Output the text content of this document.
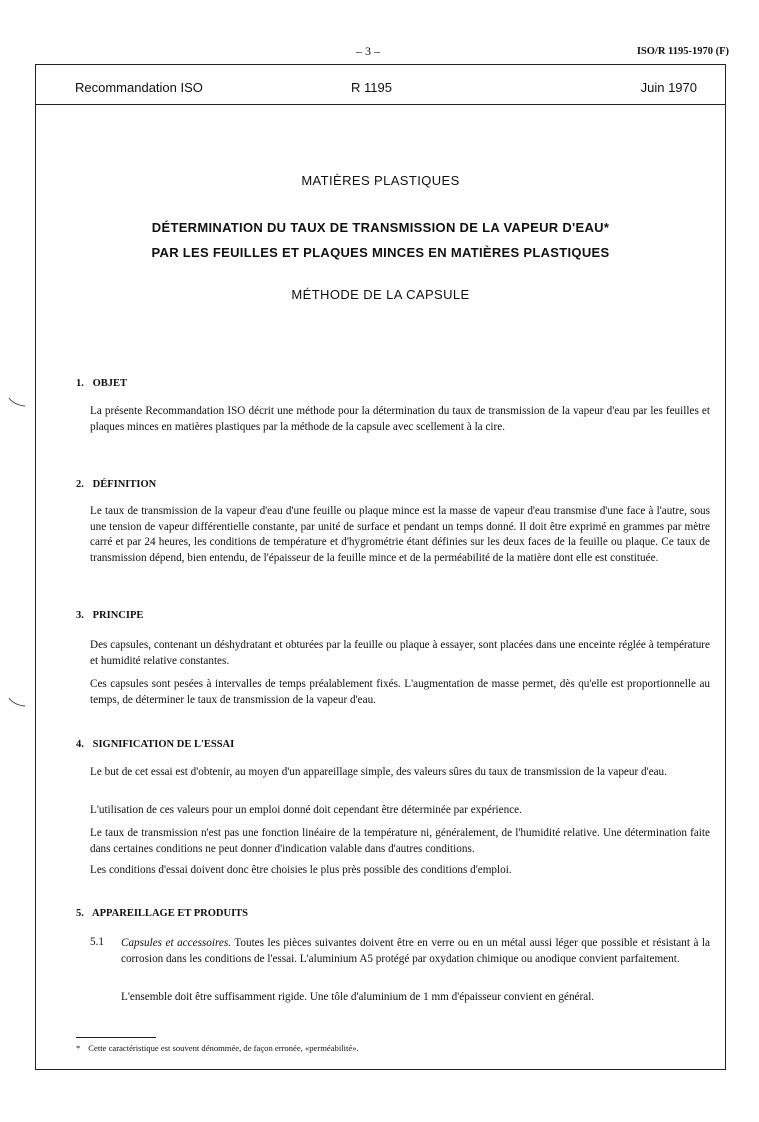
– 3 –	ISO/R 1195-1970 (F)
Recommandation ISO	R 1195	Juin 1970
MATIÈRES PLASTIQUES
DÉTERMINATION DU TAUX DE TRANSMISSION DE LA VAPEUR D'EAU*
PAR LES FEUILLES ET PLAQUES MINCES EN MATIÈRES PLASTIQUES
MÉTHODE DE LA CAPSULE
1. OBJET
La présente Recommandation ISO décrit une méthode pour la détermination du taux de transmission de la vapeur d'eau par les feuilles et plaques minces en matières plastiques par la méthode de la capsule avec scellement à la cire.
2. DÉFINITION
Le taux de transmission de la vapeur d'eau d'une feuille ou plaque mince est la masse de vapeur d'eau transmise d'une face à l'autre, sous une tension de vapeur différentielle constante, par unité de surface et pendant un temps donné. Il doit être exprimé en grammes par mètre carré et par 24 heures, les conditions de température et d'hygrométrie étant définies sur les deux faces de la feuille ou plaque. Ce taux de transmission dépend, bien entendu, de l'épaisseur de la feuille mince et de la perméabilité de la matière dont elle est constituée.
3. PRINCIPE
Des capsules, contenant un déshydratant et obturées par la feuille ou plaque à essayer, sont placées dans une enceinte réglée à température et humidité relative constantes.
Ces capsules sont pesées à intervalles de temps préalablement fixés. L'augmentation de masse permet, dès qu'elle est proportionnelle au temps, de déterminer le taux de transmission de la vapeur d'eau.
4. SIGNIFICATION DE L'ESSAI
Le but de cet essai est d'obtenir, au moyen d'un appareillage simple, des valeurs sûres du taux de transmission de la vapeur d'eau.
L'utilisation de ces valeurs pour un emploi donné doit cependant être déterminée par expérience.
Le taux de transmission n'est pas une fonction linéaire de la température ni, généralement, de l'humidité relative. Une détermination faite dans certaines conditions ne peut donner d'indication valable dans d'autres conditions.
Les conditions d'essai doivent donc être choisies le plus près possible des conditions d'emploi.
5. APPAREILLAGE ET PRODUITS
5.1 Capsules et accessoires. Toutes les pièces suivantes doivent être en verre ou en un métal aussi léger que possible et résistant à la corrosion dans les conditions de l'essai. L'aluminium A5 protégé par oxydation chimique ou anodique convient parfaitement.
L'ensemble doit être suffisamment rigide. Une tôle d'aluminium de 1 mm d'épaisseur convient en général.
* Cette caractéristique est souvent dénommée, de façon erronée, «perméabilité».
